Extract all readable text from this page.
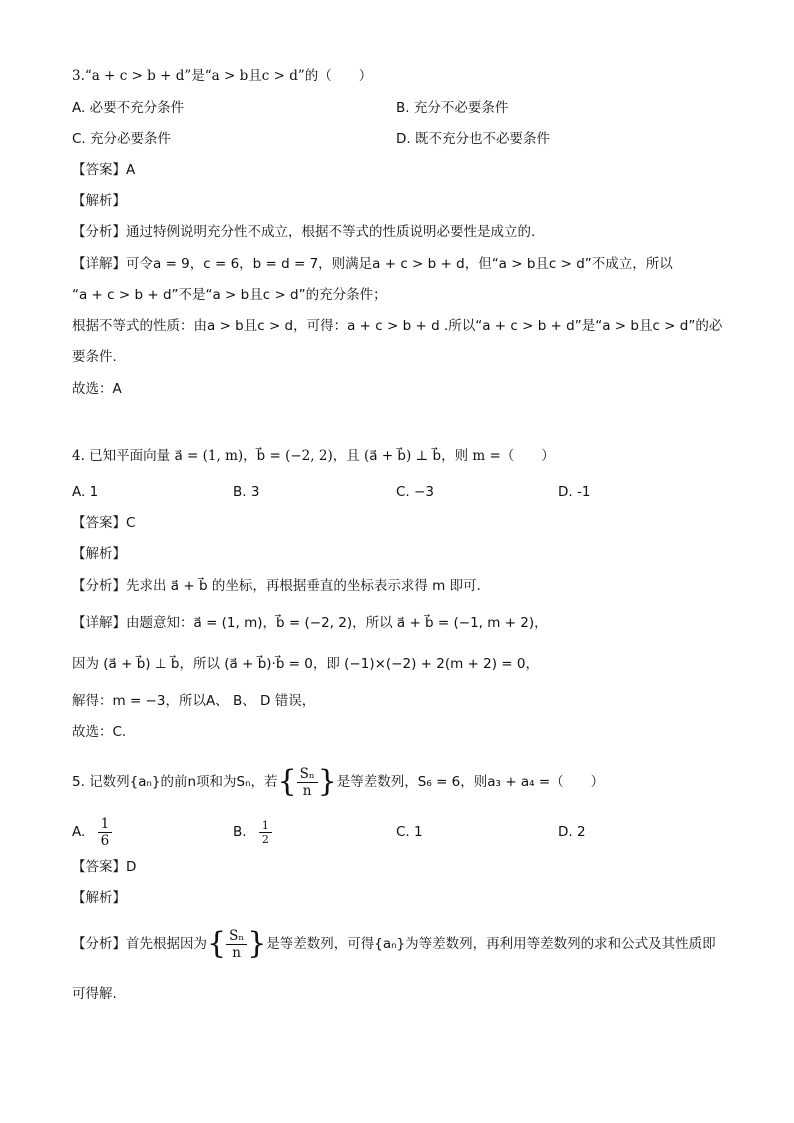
3.“a + c > b + d”是“a > b且c > d”的（　　）
A. 必要不充分条件	B. 充分不必要条件
C. 充分必要条件	D. 既不充分也不必要条件
【答案】A
【解析】
【分析】通过特例说明充分性不成立，根据不等式的性质说明必要性是成立的.
【详解】可令a = 9，c = 6，b = d = 7，则满足a + c > b + d，但“a > b且c > d”不成立，所以
“a + c > b + d”不是“a > b且c > d”的充分条件；
根据不等式的性质：由a > b且c > d，可得：a + c > b + d .所以“a + c > b + d”是“a > b且c > d”的必
要条件.
故选：A
4. 已知平面向量 a⃗ = (1, m)，b⃗ = (−2, 2)，且 (a⃗ + b⃗) ⊥ b⃗，则 m =（　　）
A. 1	B. 3	C. −3	D. -1
【答案】C
【解析】
【分析】先求出 a⃗ + b⃗ 的坐标，再根据垂直的坐标表示求得 m 即可.
【详解】由题意知：a⃗ = (1, m)，b⃗ = (−2, 2)，所以 a⃗ + b⃗ = (−1, m + 2)，
因为 (a⃗ + b⃗) ⊥ b⃗，所以 (a⃗ + b⃗)·b⃗ = 0，即 (−1)×(−2) + 2(m + 2) = 0，
解得：m = −3，所以A、 B、 D 错误，
故选：C.
5. 记数列{aₙ}的前n项和为Sₙ，若{ $\frac{\text{Sₙ}}{n}$ }是等差数列，S₆ = 6，则a₃ + a₄ =（　　）
A. $\frac{1}{6}$	B. $\frac{1}{2}$	C. 1	D. 2
【答案】D
【解析】
【分析】首先根据因为{ $\frac{\text{Sₙ}}{n}$ }是等差数列，可得{aₙ}为等差数列，再利用等差数列的求和公式及其性质即
可得解.
